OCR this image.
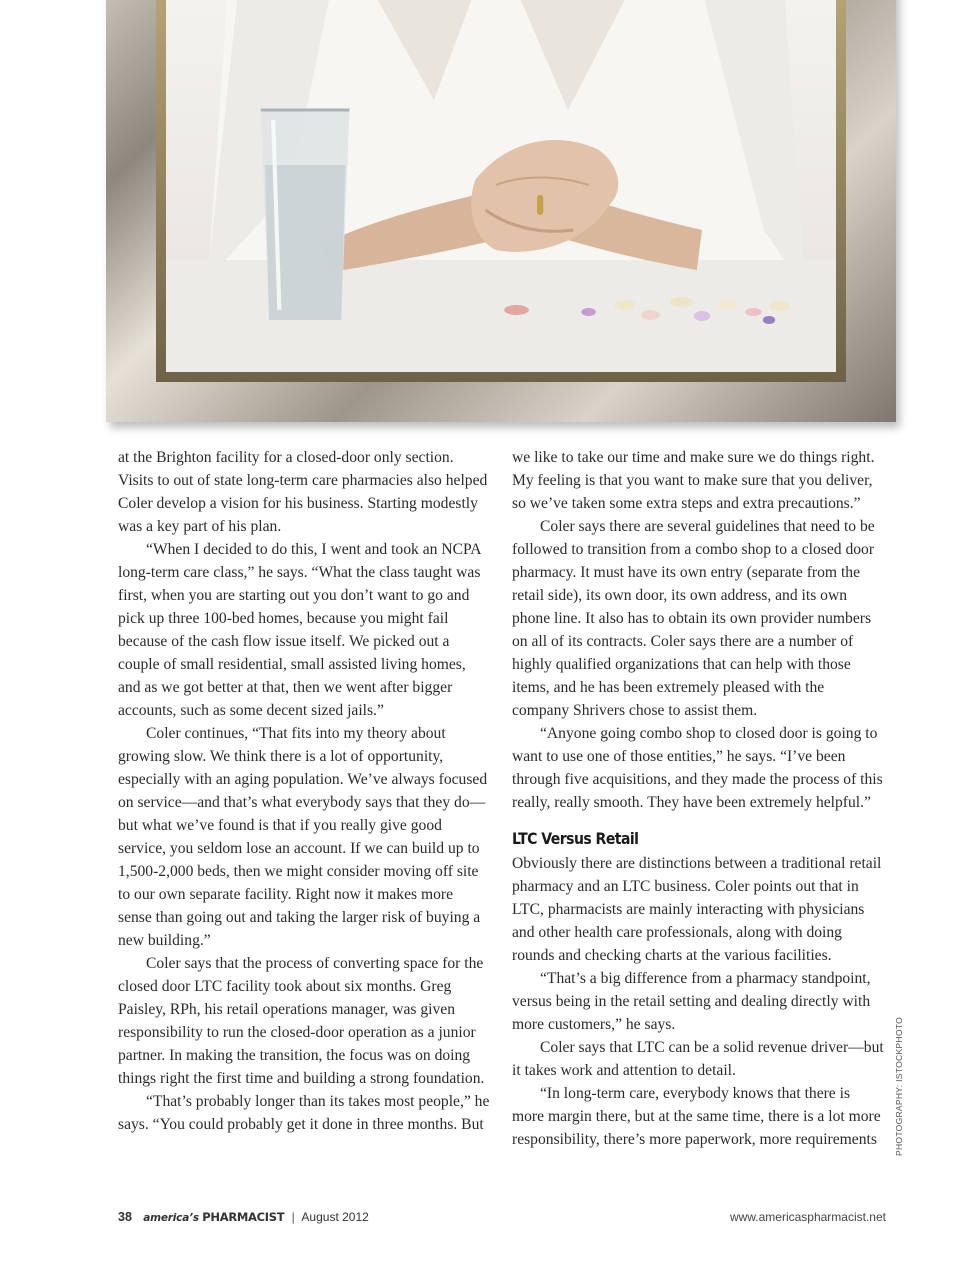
at the Brighton facility for a closed-door only section. Visits to out of state long-term care pharmacies also helped Coler develop a vision for his business. Starting modestly was a key part of his plan.

“When I decided to do this, I went and took an NCPA long-term care class,” he says. “What the class taught was first, when you are starting out you don’t want to go and pick up three 100-bed homes, because you might fail because of the cash flow issue itself. We picked out a couple of small residential, small assisted living homes, and as we got better at that, then we went after bigger accounts, such as some decent sized jails.”

Coler continues, “That fits into my theory about growing slow. We think there is a lot of opportunity, especially with an aging population. We’ve always focused on service—and that’s what everybody says that they do—but what we’ve found is that if you really give good service, you seldom lose an account. If we can build up to 1,500-2,000 beds, then we might consider moving off site to our own separate facility. Right now it makes more sense than going out and taking the larger risk of buying a new building.”

Coler says that the process of converting space for the closed door LTC facility took about six months. Greg Paisley, RPh, his retail operations manager, was given responsibility to run the closed-door operation as a junior partner. In making the transition, the focus was on doing things right the first time and building a strong foundation.

“That’s probably longer than its takes most people,” he says. “You could probably get it done in three months. But

we like to take our time and make sure we do things right. My feeling is that you want to make sure that you deliver, so we’ve taken some extra steps and extra precautions.”

Coler says there are several guidelines that need to be followed to transition from a combo shop to a closed door pharmacy. It must have its own entry (separate from the retail side), its own door, its own address, and its own phone line. It also has to obtain its own provider numbers on all of its contracts. Coler says there are a number of highly qualified organizations that can help with those items, and he has been extremely pleased with the company Shrivers chose to assist them.

“Anyone going combo shop to closed door is going to want to use one of those entities,” he says. “I’ve been through five acquisitions, and they made the process of this really, really smooth. They have been extremely helpful.”

LTC Versus Retail

Obviously there are distinctions between a traditional retail pharmacy and an LTC business. Coler points out that in LTC, pharmacists are mainly interacting with physicians and other health care professionals, along with doing rounds and checking charts at the various facilities.

“That’s a big difference from a pharmacy standpoint, versus being in the retail setting and dealing directly with more customers,” he says.

Coler says that LTC can be a solid revenue driver—but it takes work and attention to detail.

“In long-term care, everybody knows that there is more margin there, but at the same time, there is a lot more responsibility, there’s more paperwork, more requirements	PHOTOGRAPHY: ISTOCKPHOTO
38 america’s PHARMACIST | August 2012	www.americaspharmacist.net
